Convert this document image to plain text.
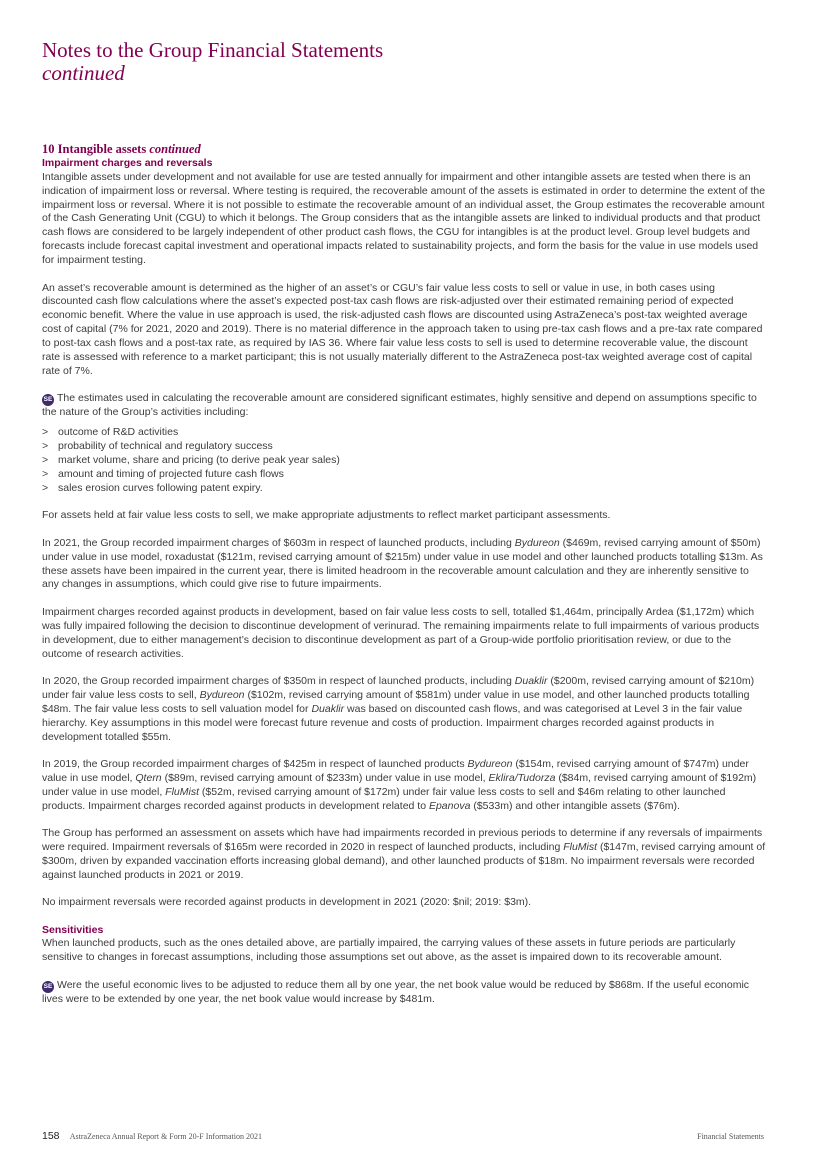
Notes to the Group Financial Statements
continued
10 Intangible assets continued
Impairment charges and reversals

Intangible assets under development and not available for use are tested annually for impairment and other intangible assets are tested when there is an indication of impairment loss or reversal. Where testing is required, the recoverable amount of the assets is estimated in order to determine the extent of the impairment loss or reversal. Where it is not possible to estimate the recoverable amount of an individual asset, the Group estimates the recoverable amount of the Cash Generating Unit (CGU) to which it belongs. The Group considers that as the intangible assets are linked to individual products and that product cash flows are considered to be largely independent of other product cash flows, the CGU for intangibles is at the product level. Group level budgets and forecasts include forecast capital investment and operational impacts related to sustainability projects, and form the basis for the value in use models used for impairment testing.

An asset’s recoverable amount is determined as the higher of an asset’s or CGU’s fair value less costs to sell or value in use, in both cases using discounted cash flow calculations where the asset’s expected post-tax cash flows are risk-adjusted over their estimated remaining period of expected economic benefit. Where the value in use approach is used, the risk-adjusted cash flows are discounted using AstraZeneca’s post-tax weighted average cost of capital (7% for 2021, 2020 and 2019). There is no material difference in the approach taken to using pre-tax cash flows and a pre-tax rate compared to post-tax cash flows and a post-tax rate, as required by IAS 36. Where fair value less costs to sell is used to determine recoverable value, the discount rate is assessed with reference to a market participant; this is not usually materially different to the AstraZeneca post-tax weighted average cost of capital rate of 7%.

SE The estimates used in calculating the recoverable amount are considered significant estimates, highly sensitive and depend on assumptions specific to the nature of the Group’s activities including:

> outcome of R&D activities
> probability of technical and regulatory success
> market volume, share and pricing (to derive peak year sales)
> amount and timing of projected future cash flows
> sales erosion curves following patent expiry.

For assets held at fair value less costs to sell, we make appropriate adjustments to reflect market participant assessments.

In 2021, the Group recorded impairment charges of $603m in respect of launched products, including Bydureon ($469m, revised carrying amount of $50m) under value in use model, roxadustat ($121m, revised carrying amount of $215m) under value in use model and other launched products totalling $13m. As these assets have been impaired in the current year, there is limited headroom in the recoverable amount calculation and they are inherently sensitive to any changes in assumptions, which could give rise to future impairments.

Impairment charges recorded against products in development, based on fair value less costs to sell, totalled $1,464m, principally Ardea ($1,172m) which was fully impaired following the decision to discontinue development of verinurad. The remaining impairments relate to full impairments of various products in development, due to either management’s decision to discontinue development as part of a Group-wide portfolio prioritisation review, or due to the outcome of research activities.

In 2020, the Group recorded impairment charges of $350m in respect of launched products, including Duaklir ($200m, revised carrying amount of $210m) under fair value less costs to sell, Bydureon ($102m, revised carrying amount of $581m) under value in use model, and other launched products totalling $48m. The fair value less costs to sell valuation model for Duaklir was based on discounted cash flows, and was categorised at Level 3 in the fair value hierarchy. Key assumptions in this model were forecast future revenue and costs of production. Impairment charges recorded against products in development totalled $55m.

In 2019, the Group recorded impairment charges of $425m in respect of launched products Bydureon ($154m, revised carrying amount of $747m) under value in use model, Qtern ($89m, revised carrying amount of $233m) under value in use model, Eklira/Tudorza ($84m, revised carrying amount of $192m) under value in use model, FluMist ($52m, revised carrying amount of $172m) under fair value less costs to sell and $46m relating to other launched products. Impairment charges recorded against products in development related to Epanova ($533m) and other intangible assets ($76m).

The Group has performed an assessment on assets which have had impairments recorded in previous periods to determine if any reversals of impairments were required. Impairment reversals of $165m were recorded in 2020 in respect of launched products, including FluMist ($147m, revised carrying amount of $300m, driven by expanded vaccination efforts increasing global demand), and other launched products of $18m. No impairment reversals were recorded against launched products in 2021 or 2019.

No impairment reversals were recorded against products in development in 2021 (2020: $nil; 2019: $3m).

Sensitivities

When launched products, such as the ones detailed above, are partially impaired, the carrying values of these assets in future periods are particularly sensitive to changes in forecast assumptions, including those assumptions set out above, as the asset is impaired down to its recoverable amount.

SE Were the useful economic lives to be adjusted to reduce them all by one year, the net book value would be reduced by $868m. If the useful economic lives were to be extended by one year, the net book value would increase by $481m.

158 AstraZeneca Annual Report & Form 20-F Information 2021	Financial Statements
